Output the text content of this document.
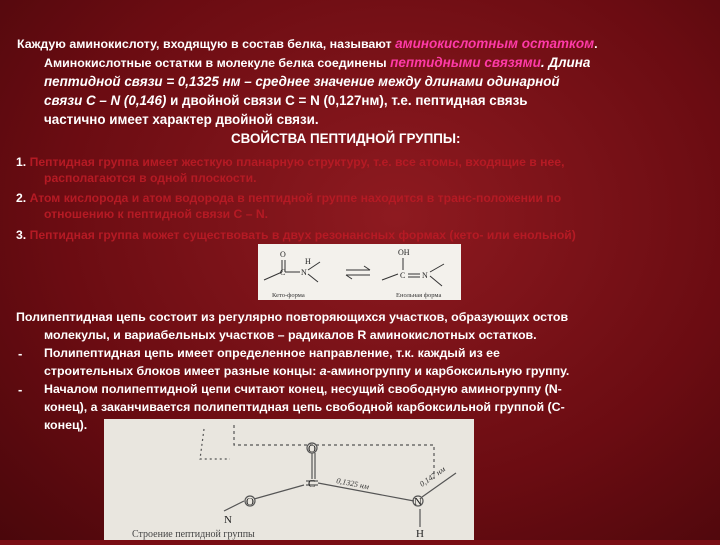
Каждую аминокислоту, входящую в состав белка, называют аминокислотным остатком.
Аминокислотные остатки в молекуле белка соединены пептидными связями. Длина
пептидной связи = 0,1325 нм – среднее значение между длинами одинарной
связи С – N (0,146) и двойной связи С = N (0,127нм), т.е. пептидная связь
частично имеет характер двойной связи.
СВОЙСТВА ПЕПТИДНОЙ ГРУППЫ:
1. Пептидная группа имеет жесткую планарную структуру, т.е. все атомы, входящие в нее,
располагаются в одной плоскости.
2. Атом кислорода и атом водорода в пептидной группе находится в транс-положении по
отношению к пептидной связи С – N.
3. Пептидная группа может существовать в двух резонансных формах (кето- или енольной)
O
C N
H
OH
C N
Кето-форма	Енольная форма
Полипептидная цепь состоит из регулярно повторяющихся участков, образующих остов
молекулы, и вариабельных участков – радикалов R аминокислотных остатков.
- Полипептидная цепь имеет определенное направление, т.к. каждый из ее
строительных блоков имеет разные концы: а-аминогруппу и карбоксильную группу.
- Началом полипептидной цепи считают конец, несущий свободную аминогруппу (N-
конец), а заканчивается полипептидная цепь свободной карбоксильной группой (С-
конец).
O
C
N
O
N
H
0,1325 нм	0,147 нм
Строение пептидной группы
